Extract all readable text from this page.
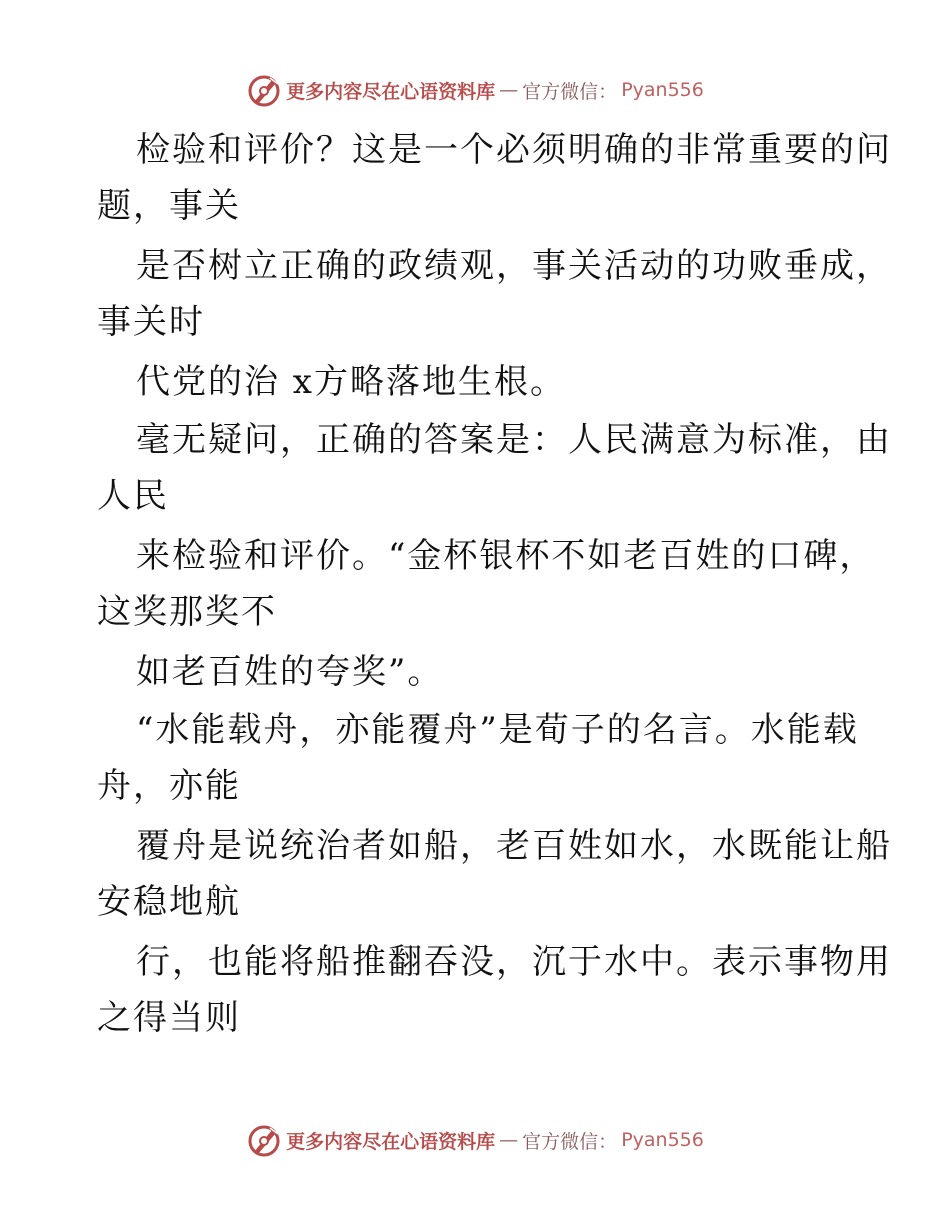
更多内容尽在心语资料库 — 官方微信： Pyan556
检验和评价？这是一个必须明确的非常重要的问
题，事关
是否树立正确的政绩观，事关活动的功败垂成，
事关时
代党的治 x方略落地生根。
毫无疑问，正确的答案是：人民满意为标准，由
人民
来检验和评价。“金杯银杯不如老百姓的口碑，
这奖那奖不
如老百姓的夸奖”。
“水能载舟，亦能覆舟”是荀子的名言。水能载
舟，亦能
覆舟是说统治者如船，老百姓如水，水既能让船
安稳地航
行，也能将船推翻吞没，沉于水中。表示事物用
之得当则
更多内容尽在心语资料库 — 官方微信： Pyan556
